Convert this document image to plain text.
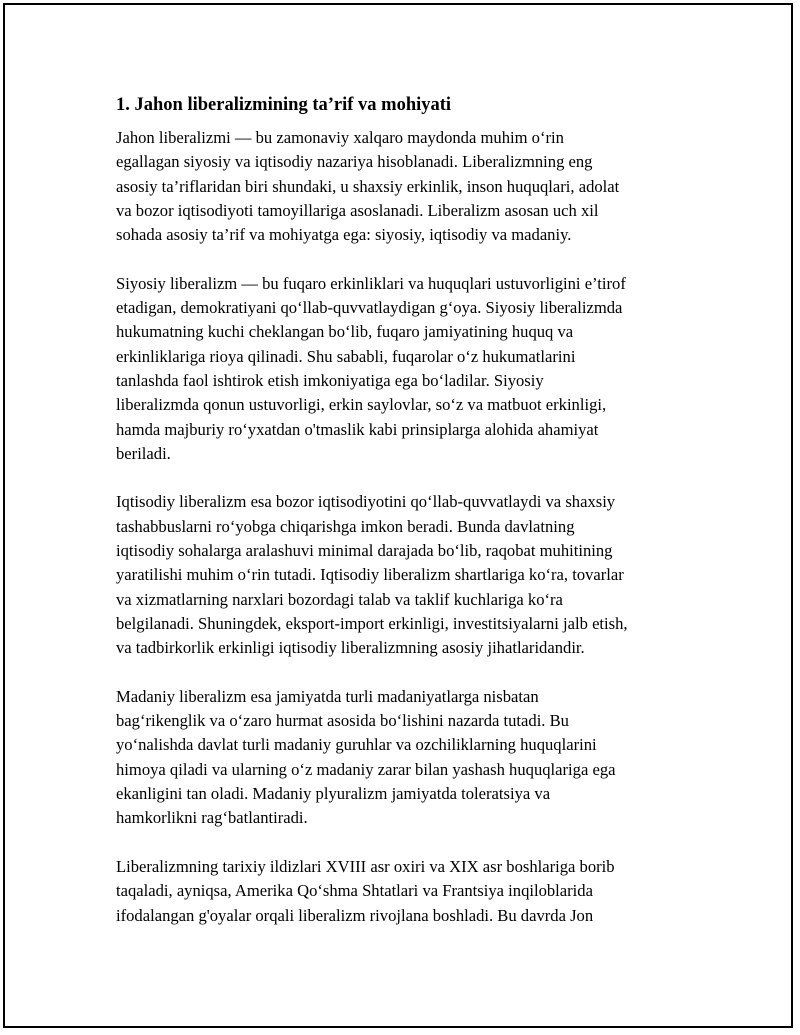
1. Jahon liberalizmining ta’rif va mohiyati
Jahon liberalizmi — bu zamonaviy xalqaro maydonda muhim o‘rin
egallagan siyosiy va iqtisodiy nazariya hisoblanadi. Liberalizmning eng
asosiy ta’riflaridan biri shundaki, u shaxsiy erkinlik, inson huquqlari, adolat
va bozor iqtisodiyoti tamoyillariga asoslanadi. Liberalizm asosan uch xil
sohada asosiy ta’rif va mohiyatga ega: siyosiy, iqtisodiy va madaniy.
Siyosiy liberalizm — bu fuqaro erkinliklari va huquqlari ustuvorligini e’tirof
etadigan, demokratiyani qo‘llab-quvvatlaydigan g‘oya. Siyosiy liberalizmda
hukumatning kuchi cheklangan bo‘lib, fuqaro jamiyatining huquq va
erkinliklariga rioya qilinadi. Shu sababli, fuqarolar o‘z hukumatlarini
tanlashda faol ishtirok etish imkoniyatiga ega bo‘ladilar. Siyosiy
liberalizmda qonun ustuvorligi, erkin saylovlar, so‘z va matbuot erkinligi,
hamda majburiy ro‘yxatdan o'tmaslik kabi prinsiplarga alohida ahamiyat
beriladi.
Iqtisodiy liberalizm esa bozor iqtisodiyotini qo‘llab-quvvatlaydi va shaxsiy
tashabbuslarni ro‘yobga chiqarishga imkon beradi. Bunda davlatning
iqtisodiy sohalarga aralashuvi minimal darajada bo‘lib, raqobat muhitining
yaratilishi muhim o‘rin tutadi. Iqtisodiy liberalizm shartlariga ko‘ra, tovarlar
va xizmatlarning narxlari bozordagi talab va taklif kuchlariga ko‘ra
belgilanadi. Shuningdek, eksport-import erkinligi, investitsiyalarni jalb etish,
va tadbirkorlik erkinligi iqtisodiy liberalizmning asosiy jihatlaridandir.
Madaniy liberalizm esa jamiyatda turli madaniyatlarga nisbatan
bag‘rikenglik va o‘zaro hurmat asosida bo‘lishini nazarda tutadi. Bu
yo‘nalishda davlat turli madaniy guruhlar va ozchiliklarning huquqlarini
himoya qiladi va ularning o‘z madaniy zarar bilan yashash huquqlariga ega
ekanligini tan oladi. Madaniy plyuralizm jamiyatda toleratsiya va
hamkorlikni rag‘batlantiradi.
Liberalizmning tarixiy ildizlari XVIII asr oxiri va XIX asr boshlariga borib
taqaladi, ayniqsa, Amerika Qo‘shma Shtatlari va Frantsiya inqiloblarida
ifodalangan g'oyalar orqali liberalizm rivojlana boshladi. Bu davrda Jon
